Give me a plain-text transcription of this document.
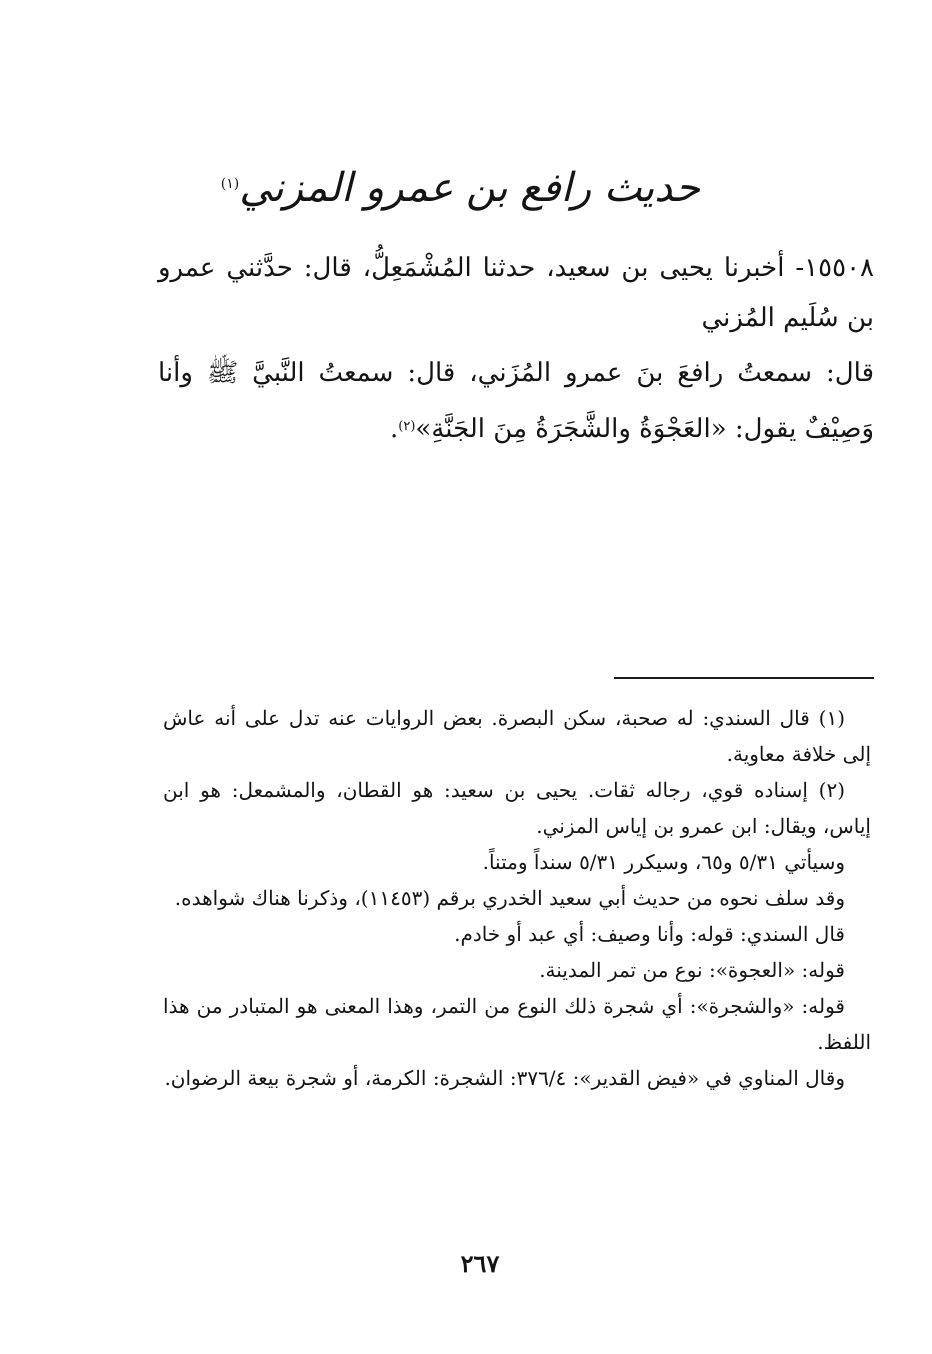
حديث رافع بن عمرو المزني$^{(١)}$

١٥٥٠٨- أخبرنا يحيى بن سعيد، حدثنا المُشْمَعِلُّ، قال: حدَّثني عمرو بن سُلَيم المُزني

قال: سمعتُ رافعَ بنَ عمرو المُزَني، قال: سمعتُ النَّبيَّ ﷺ وأنا وَصِيْفٌ يقول: «العَجْوَةُ والشَّجَرَةُ مِنَ الجَنَّةِ»$^{(٢)}$.

(١) قال السندي: له صحبة، سكن البصرة. بعض الروايات عنه تدل على أنه عاش إلى خلافة معاوية.

(٢) إسناده قوي، رجاله ثقات. يحيى بن سعيد: هو القطان، والمشمعل: هو ابن إياس، ويقال: ابن عمرو بن إياس المزني.

وسيأتي ٥/٣١ و٦٥، وسيكرر ٥/٣١ سنداً ومتناً.

وقد سلف نحوه من حديث أبي سعيد الخدري برقم (١١٤٥٣)، وذكرنا هناك شواهده.

قال السندي: قوله: وأنا وصيف: أي عبد أو خادم.

قوله: «العجوة»: نوع من تمر المدينة.

قوله: «والشجرة»: أي شجرة ذلك النوع من التمر، وهذا المعنى هو المتبادر من هذا اللفظ.

وقال المناوي في «فيض القدير»: ٣٧٦/٤: الشجرة: الكرمة، أو شجرة بيعة الرضوان.

٢٦٧
